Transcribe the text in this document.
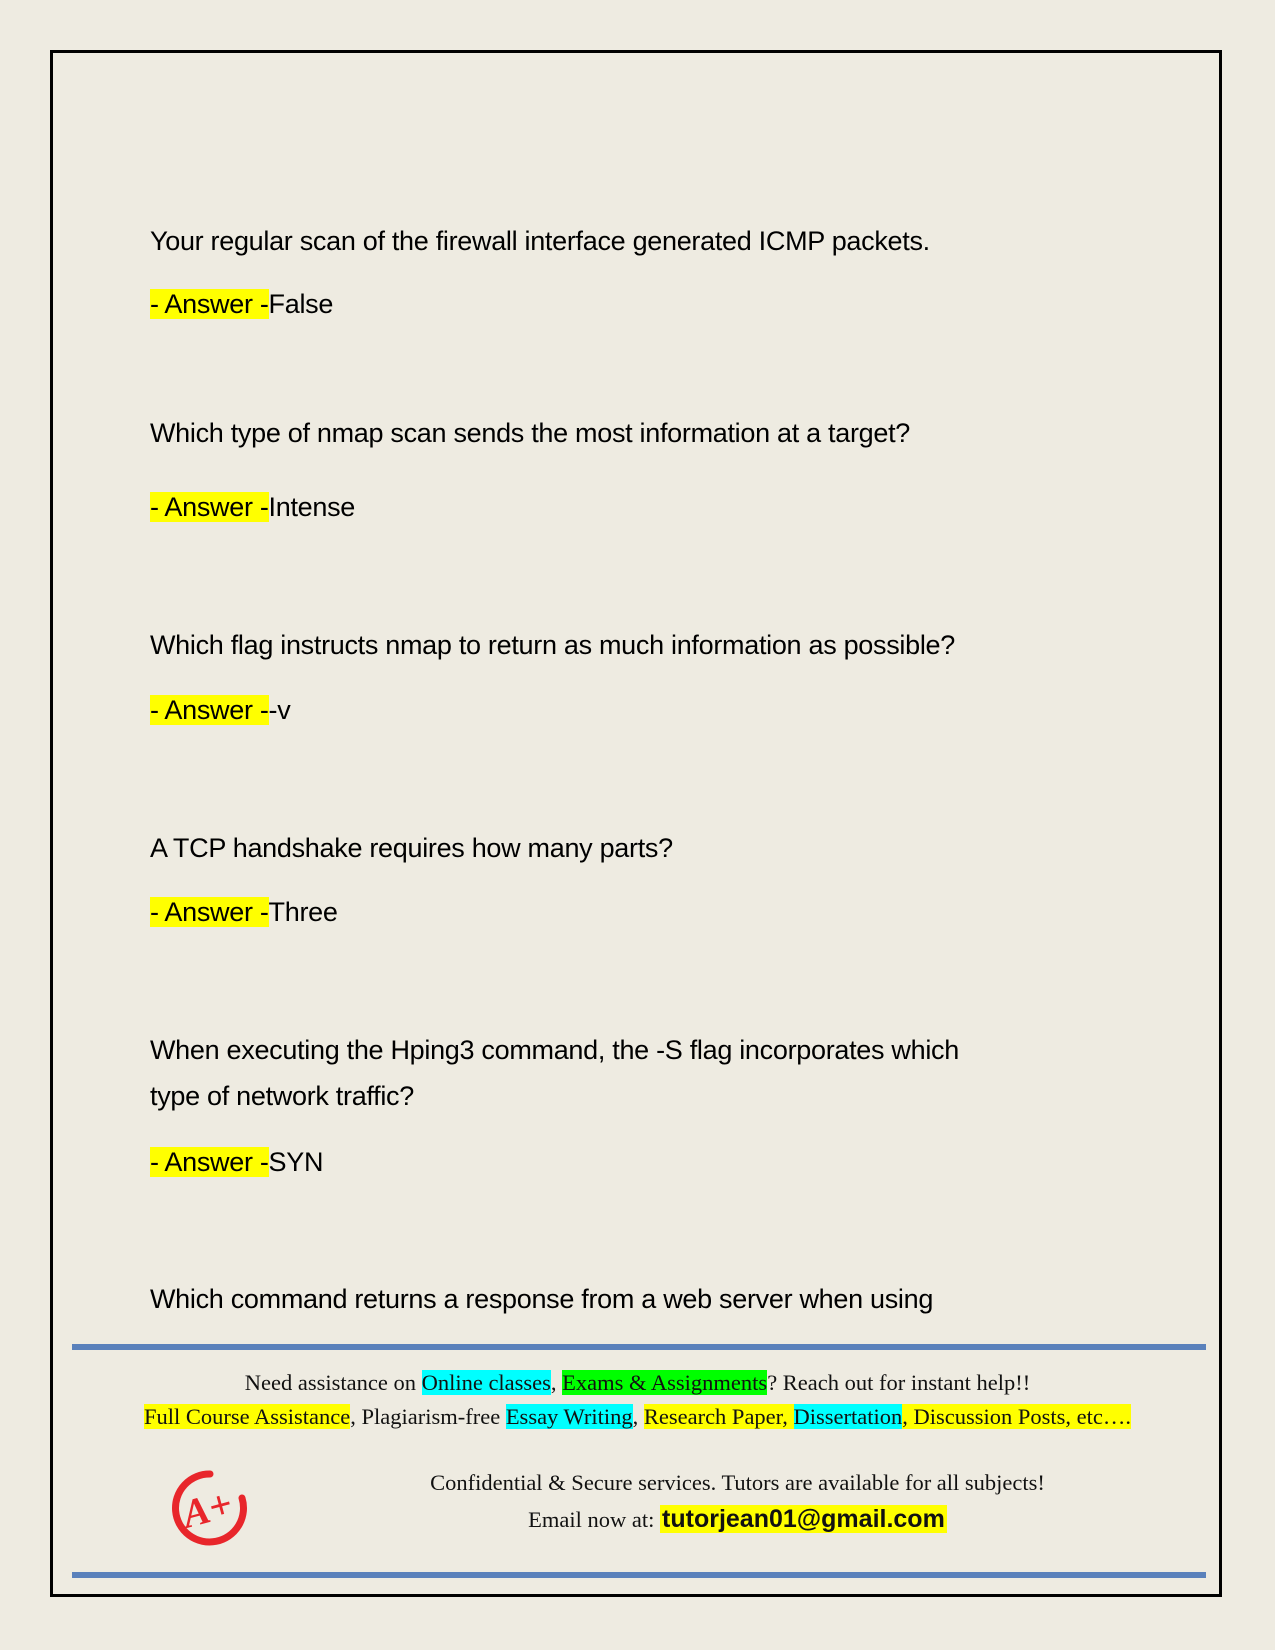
Your regular scan of the firewall interface generated ICMP packets.
- Answer -False
Which type of nmap scan sends the most information at a target?
- Answer -Intense
Which flag instructs nmap to return as much information as possible?
- Answer --v
A TCP handshake requires how many parts?
- Answer -Three
When executing the Hping3 command, the -S flag incorporates which
type of network traffic?
- Answer -SYN
Which command returns a response from a web server when using
Need assistance on Online classes, Exams & Assignments? Reach out for instant help!!
Full Course Assistance, Plagiarism-free Essay Writing, Research Paper, Dissertation, Discussion Posts, etc….
A+	Confidential & Secure services. Tutors are available for all subjects!
Email now at: tutorjean01@gmail.com
